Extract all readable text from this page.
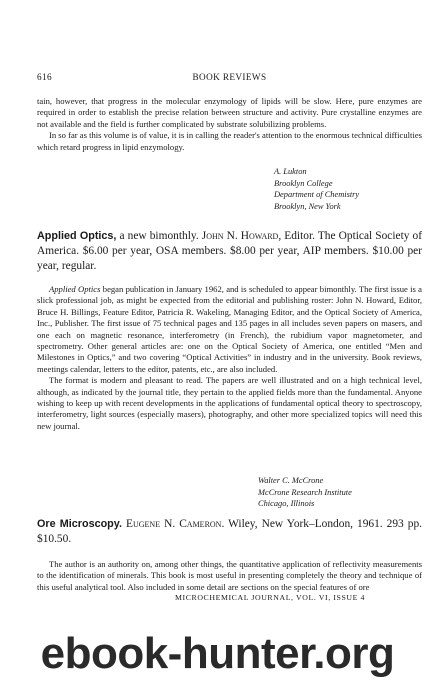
616	BOOK REVIEWS

tain, however, that progress in the molecular enzymology of lipids will be slow. Here, pure enzymes are required in order to establish the precise relation between structure and activity. Pure crystalline enzymes are not available and the field is further complicated by substrate solubilizing problems.

In so far as this volume is of value, it is in calling the reader's attention to the enormous technical difficulties which retard progress in lipid enzymology.

A. Lukton
Brooklyn College
Department of Chemistry
Brooklyn, New York
Applied Optics, a new bimonthly. John N. Howard, Editor. The Optical Society of America. $6.00 per year, OSA members. $8.00 per year, AIP members. $10.00 per year, regular.

Applied Optics began publication in January 1962, and is scheduled to appear bimonthly. The first issue is a slick professional job, as might be expected from the editorial and publishing roster: John N. Howard, Editor, Bruce H. Billings, Feature Editor, Patricia R. Wakeling, Managing Editor, and the Optical Society of America, Inc., Publisher. The first issue of 75 technical pages and 135 pages in all includes seven papers on masers, and one each on magnetic resonance, interferometry (in French), the rubidium vapor magnetometer, and spectrometry. Other general articles are: one on the Optical Society of America, one entitled “Men and Milestones in Optics,” and two covering “Optical Activities” in industry and in the university. Book reviews, meetings calendar, letters to the editor, patents, etc., are also included.

The format is modern and pleasant to read. The papers are well illustrated and on a high technical level, although, as indicated by the journal title, they pertain to the applied fields more than the fundamental. Anyone wishing to keep up with recent developments in the applications of fundamental optical theory to spectroscopy, interferometry, light sources (especially masers), photography, and other more specialized topics will need this new journal.

Walter C. McCrone
McCrone Research Institute
Chicago, Illinois
Ore Microscopy. Eugene N. Cameron. Wiley, New York–London, 1961. 293 pp. $10.50.

The author is an authority on, among other things, the quantitative application of reflectivity measurements to the identification of minerals. This book is most useful in presenting completely the theory and technique of this useful analytical tool. Also included in some detail are sections on the special features of ore

MICROCHEMICAL JOURNAL, VOL. VI, ISSUE 4
ebook-hunter.org
